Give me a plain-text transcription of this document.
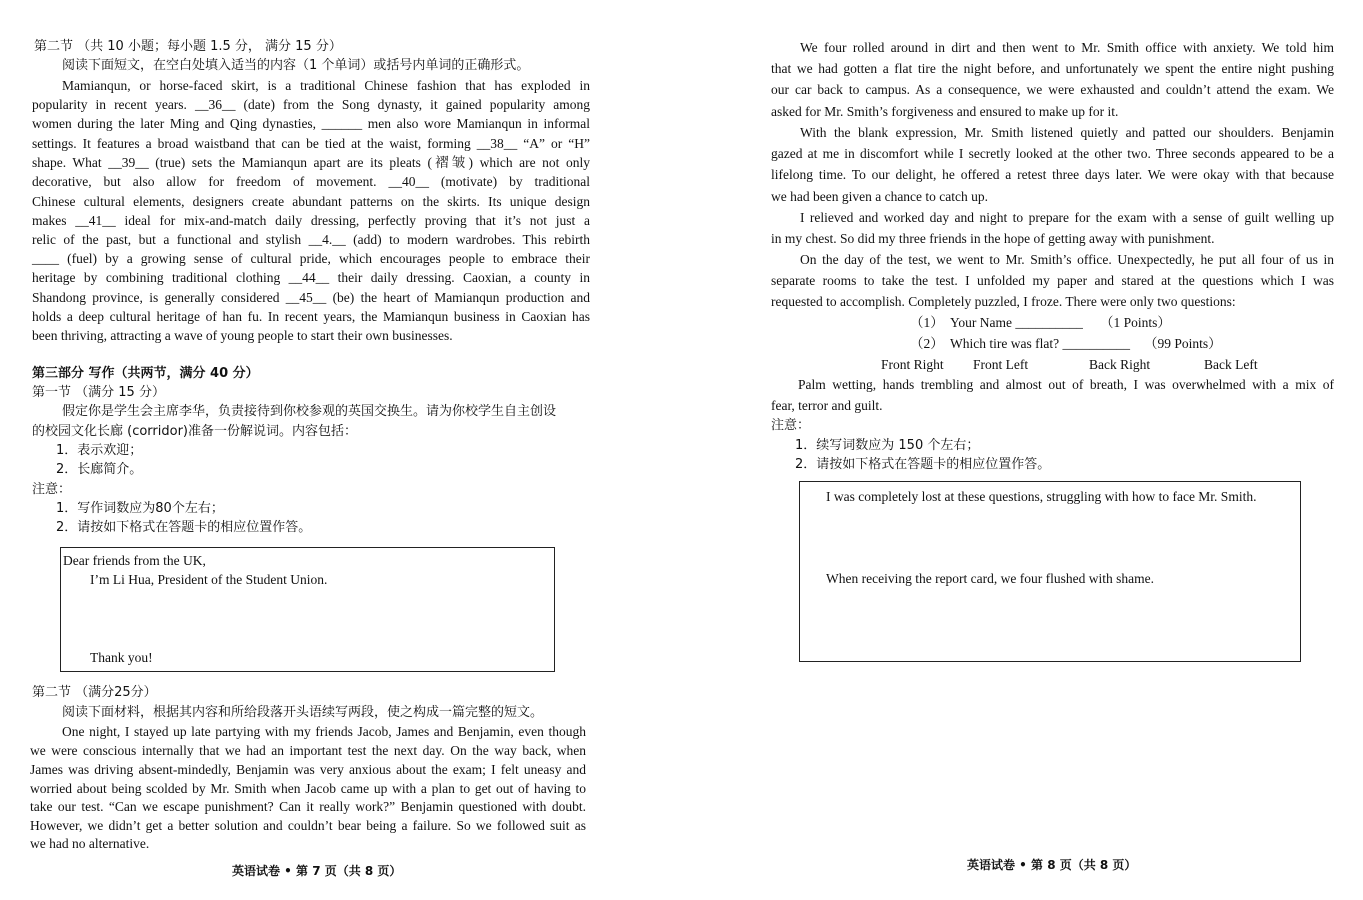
第二节 （共 10 小题；每小题 1.5 分， 满分 15 分）
阅读下面短文，在空白处填入适当的内容（1 个单词）或括号内单词的正确形式。
Mamianqun, or horse-faced skirt, is a traditional Chinese fashion that has exploded in
popularity in recent years. __36__ (date) from the Song dynasty, it gained popularity among
women during the later Ming and Qing dynasties, ______ men also wore Mamianqun in informal
settings. It features a broad waistband that can be tied at the waist, forming __38__ “A” or “H”
shape. What __39__ (true) sets the Mamianqun apart are its pleats (褶皱) which are not only
decorative, but also allow for freedom of movement. __40__ (motivate) by traditional
Chinese cultural elements, designers create abundant patterns on the skirts. Its unique design
makes __41__ ideal for mix-and-match daily dressing, perfectly proving that it’s not just a
relic of the past, but a functional and stylish __4.__ (add) to modern wardrobes. This rebirth
____ (fuel) by a growing sense of cultural pride, which encourages people to embrace their
heritage by combining traditional clothing __44__ their daily dressing. Caoxian, a county in
Shandong province, is generally considered __45__ (be) the heart of Mamianqun production and
holds a deep cultural heritage of han fu. In recent years, the Mamianqun business in Caoxian has
been thriving, attracting a wave of young people to start their own businesses.
第三部分 写作（共两节，满分 40 分）
第一节 （满分 15 分）
假定你是学生会主席李华，负责接待到你校参观的英国交换生。请为你校学生自主创设
的校园文化长廊 (corridor)准备一份解说词。内容包括：
1．表示欢迎；
2．长廊简介。
注意：
1．写作词数应为80个左右；
2．请按如下格式在答题卡的相应位置作答。
Dear friends from the UK,
I’m Li Hua, President of the Student Union.
Thank you!
第二节 （满分25分）
阅读下面材料，根据其内容和所给段落开头语续写两段，使之构成一篇完整的短文。
One night, I stayed up late partying with my friends Jacob, James and Benjamin, even though
we were conscious internally that we had an important test the next day. On the way back, when
James was driving absent-mindedly, Benjamin was very anxious about the exam; I felt uneasy and
worried about being scolded by Mr. Smith when Jacob came up with a plan to get out of having to
take our test. “Can we escape punishment? Can it really work?” Benjamin questioned with doubt.
However, we didn’t get a better solution and couldn’t bear being a failure. So we followed suit as
we had no alternative.
英语试卷 • 第 7 页（共 8 页）
We four rolled around in dirt and then went to Mr. Smith office with anxiety. We told him
that we had gotten a flat tire the night before, and unfortunately we spent the entire night pushing
our car back to campus. As a consequence, we were exhausted and couldn’t attend the exam. We
asked for Mr. Smith’s forgiveness and ensured to make up for it.
With the blank expression, Mr. Smith listened quietly and patted our shoulders. Benjamin
gazed at me in discomfort while I secretly looked at the other two. Three seconds appeared to be a
lifelong time. To our delight, he offered a retest three days later. We were okay with that because
we had been given a chance to catch up.
I relieved and worked day and night to prepare for the exam with a sense of guilt welling up
in my chest. So did my three friends in the hope of getting away with punishment.
On the day of the test, we went to Mr. Smith’s office. Unexpectedly, he put all four of us in
separate rooms to take the test. I unfolded my paper and stared at the questions which I was
requested to accomplish. Completely puzzled, I froze. There were only two questions:
（1） Your Name __________ （1 Points）
（2） Which tire was flat? __________ （99 Points）
Front Right Front Left	Back Right	Back Left
Palm wetting, hands trembling and almost out of breath, I was overwhelmed with a mix of
fear, terror and guilt.
注意：
1．续写词数应为 150 个左右；
2．请按如下格式在答题卡的相应位置作答。
I was completely lost at these questions, struggling with how to face Mr. Smith.
When receiving the report card, we four flushed with shame.
英语试卷 • 第 8 页（共 8 页）
